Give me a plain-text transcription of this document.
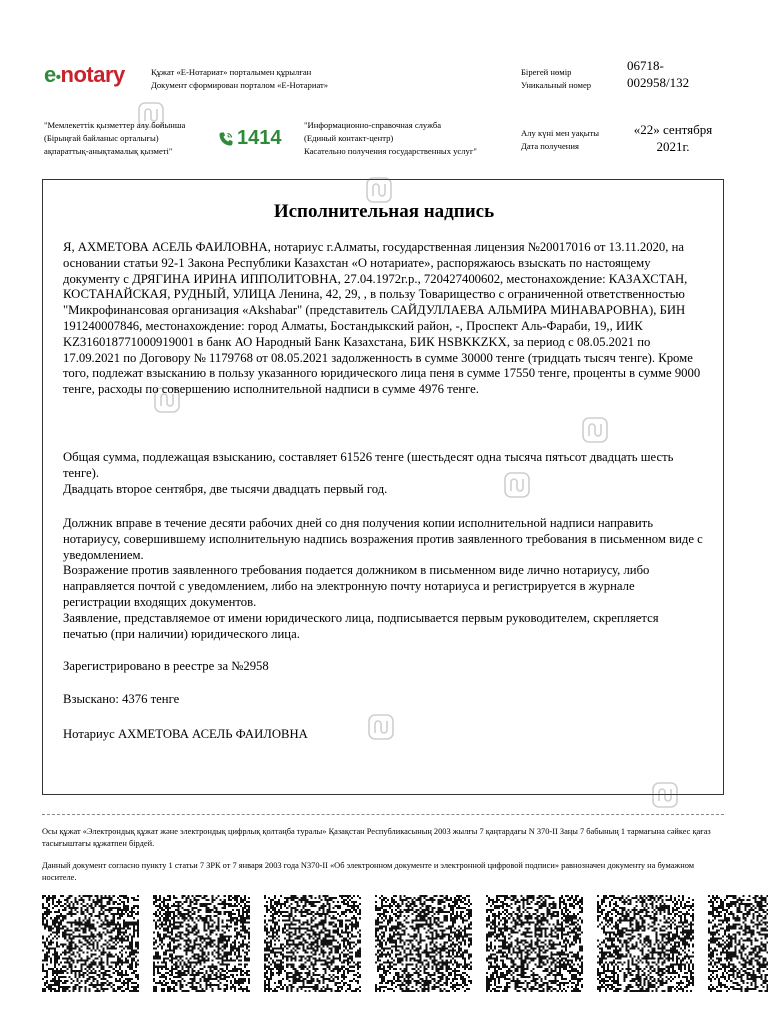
e•notary	Құжат «Е-Нотариат» порталымен құрылған
Документ сформирован порталом «Е-Нотариат»
Бірегей нөмір
Уникальный номер
06718-
002958/132
"Мемлекеттік қызметтер алу бойынша
(Бірыңғай байланыс орталығы)
ақпараттық-анықтамалық қызметі"
1414
"Информационно-справочная служба
(Единый контакт-центр)
Касательно получения государственных услуг"
Алу күні мен уақыты
Дата получения
«22» сентября
2021г.
Исполнительная надпись

Я, АХМЕТОВА АСЕЛЬ ФАИЛОВНА, нотариус г.Алматы, государственная лицензия №20017016 от 13.11.2020, на основании статьи 92-1 Закона Республики Казахстан «О нотариате», распоряжаюсь взыскать по настоящему документу с ДРЯГИНА ИРИНА ИППОЛИТОВНА, 27.04.1972г.р., 720427400602, местонахождение: КАЗАХСТАН, КОСТАНАЙСКАЯ, РУДНЫЙ, УЛИЦА Ленина, 42, 29, , в пользу Товарищество с ограниченной ответственностью "Микрофинансовая организация «Akshabar" (представитель САЙДУЛЛАЕВА АЛЬМИРА МИНАВАРОВНА), БИН 191240007846, местонахождение: город Алматы, Бостандыкский район, -, Проспект Аль-Фараби, 19,, ИИК KZ316018771000919001 в банк АО Народный Банк Казахстана, БИК HSBKKZKX, за период с 08.05.2021 по 17.09.2021 по Договору № 1179768 от 08.05.2021 задолженность в сумме 30000 тенге (тридцать тысяч тенге). Кроме того, подлежат взысканию в пользу указанного юридического лица пеня в сумме 17550 тенге, проценты в сумме 9000 тенге, расходы по совершению исполнительной надписи в сумме 4976 тенге.

Общая сумма, подлежащая взысканию, составляет 61526 тенге (шестьдесят одна тысяча пятьсот двадцать шесть тенге).
Двадцать второе сентября, две тысячи двадцать первый год.
Должник вправе в течение десяти рабочих дней со дня получения копии исполнительной надписи направить нотариусу, совершившему исполнительную надпись возражения против заявленного требования в письменном виде с уведомлением.
Возражение против заявленного требования подается должником в письменном виде лично нотариусу, либо направляется почтой с уведомлением, либо на электронную почту нотариуса и регистрируется в журнале регистрации входящих документов.
Заявление, представляемое от имени юридического лица, подписывается первым руководителем, скрепляется печатью (при наличии) юридического лица.
Зарегистрировано в реестре за №2958
Взыскано: 4376 тенге
Нотариус АХМЕТОВА АСЕЛЬ ФАИЛОВНА

Осы құжат «Электрондық құжат және электрондық цифрлық қолтаңба туралы» Қазақстан Республикасының 2003 жылғы 7 қаңтардағы N 370-II Заңы 7 бабының 1 тармағына сәйкес қағаз тасығыштағы құжатпен бірдей.

Данный документ согласно пункту 1 статьи 7 ЗРК от 7 января 2003 года N370-II «Об электронном документе и электронной цифровой подписи» равнозначен документу на бумажном носителе.
